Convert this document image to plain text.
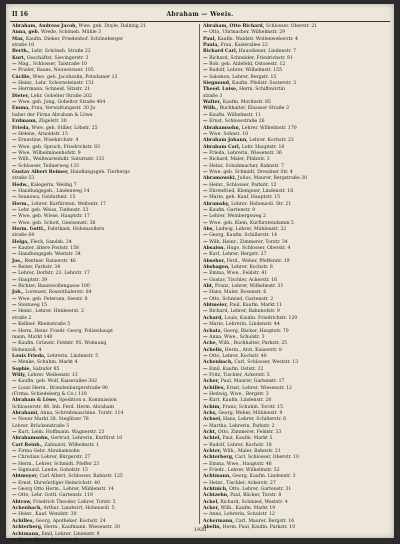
II 16	Abraham — Weeis.
Abraham, Andreas Jacob, Wwe. geb. Duyle, Dalitzig 21
Anna, geb. Wrede, Schöneb. Mühle 3
Max, Kaufm. Dieker, Friedenhof, Schöneberger
straße 10
Berth., Lehr. Schöneb. Straße 22
Kurt, Geschäftst. Sievingerstr. 3
— Mag., Schlosser, Talstraße 10
— Pruder, Baues, Neuweiswer. 105
Cäcilie, Wwe. geb. Jacobsohn, Potsdamer 13
— Heinr., Lehr. Schornsteinstr. 151
— Herrmann, Schneid. Sitzstr. 21
Dieter, Lehr. Gobelter Straße 202
— Wwe. geb. Jung, Gobeltor Straße 404
Emma, Frau, Verwaltungsstr. 30 Ju
haber der Firma Abraham & Löwe
Erdmann, Zügelstr. 30
Frieda, Wwe. geb. Stiller, Löbstr. 25
— Helene, Arnoldstr. 15
— Ernestine, Wisekirchstr. 4
— Wwe. geb. Spruch, Friedrichstr. 83
— Wwe. Wilhelminenhofstr. 9
— Wilh., Weißwarenhdlr. Saturnstr. 131
— Schlosser, Teilnerweg 133
Gustav Albert Reimer, Handlungsgeh. Tierbergs
straße 53
Hedw., Kalegerin, Weißig 7
— Handlungsgeh., Lindenweg 14
— Iwanowa, Goldarbeit. 15
Herm., Lehrer. Kurfürsten. Weltentr. 17
— Lehr. geb. Weiss, Tiefenstr. 33
— Wwe. geb. Wiese, Hauptstr. 17
— Wwe. geb. Schott, Gneisenstr. 36
Herm. Gottl., Fabrikant, Hohenzollern
straße 64
Helga, Fleck, Sandsb. 24
— Kauter, ältere Poststr. 158
— Handlungsgeh. Weststr. 34
Jos., Rentner. Ratserstr. 46
— Reiter, Parkstr. 34
— Lehrer, Dorfstr. 23. Lehrstr. 17
— Hauptstr. 39
— Richter, Baumwollengasse 100
Joh., Lorenzer, Rosenthalerstr. 84
— Wwe. geb. Petersen, Seestr. 8
— Steinweg 15
— Heinr., Lehrer. Himbeerst. 2
straße 2
— Kellner. Rheinstraße 5
— Herm. Heinr. Friedr. Georg, Polizeihaupt
mann, Markt 140
— Kaufm. Grünstr. Feldstr. 95. Wohnung
Hohenzoll. 4
Louis Frieda, Lehrerin, Lindenstr. 5
— Menke, Schuhm. Markt 4
Sophie, Salzufer 85
Willy, Lehrer. Weibenstr. 13
— Kaufm. geb. Wolf, Kaiserallee 302
— Louis Herm., Brandenburgerstraße 90
(Firma: Schiedeberg & Co.) 118
Abraham & Löwe, Spedition u. Kommission
Schlosserstr. 86. Inh. Ferd. Herm. Abraham
Abrahami, Anna, Schreibmaschine. Torstr. 114
— Neuer Markt 28. Steglitzer 76
Lehrer. Brückenstraße 5
— Kurt, Leim. Hoffmann. Wagnerstr. 23
Abrahamsohn, Gertrud, Lehrerin, Kurfürst 10
Carl Reinh., Zahnarzt, Wilhelmstr. 1
— Firma Gebr. Abrahamsohn
— Christian Lehrer, Bürgerstr. 27
— Herm., Lehrer, Schmidt. Pfeffer 23
— Sigmund, Landw. Gobelstr. 15
Abtmeyer, Carl Albert, Schlosser, Bahnstr. 125
— Ernst, Ehrwürdiger Heinrichstr. 40
— Georg Otto Herm., Lehrer, Mühlenstr. 14
— Otto, Lehr. Gottl. Gartenstr. 119
Abtrow, Friedrich Theodor, Lehrer, Torstr. 5
Achenbach, Arthur, Landwirt, Hohenzoll. 5
— Heinr., Kauf. Wendstr. 30
Achilles, Georg, Apotheker. Kochstr. 24
Achterberg, Herm., Kaufmann. Wiesenstr. 30
Achtmann, Emil, Lehrer. Linienstr. 9
— Herm. Heinr., Linienstr. 9
Abraham, Otto Richard, Schlosser. Oberstr. 21
— Otto, Uhrmacher. Wilhelmstr. 29
Paul, Kaufm. Waldstr. Wollenweberstr. 4
Paula, Frau, Kaiserallee 23
Richard Carl, Hausdiener, Lindenstr. 7
— Richard, Schneider, Friedrichstr. 91
— Rob. geb. Ahlefeld, Ostseestr. 12
— Rudolf, Lehrer, Wilhelmstr. 155
— Salomon, Lehrer, Bergstr. 15
Siegmund, Kaufm. Pfeilstr. Sosterstr. 3
Theod. Luise, Herm. Schiffswirtin
straße 3
Walter, Kaufm. Moritzstr. 85
Wilh., Buchhalter, Elsasser Straße 3
— Kaufm. Wilhelmstr. 11
— Ernst, Schlossstraße 26
Abrahamsohn, Lehrer. Wilhelmstr. 170
— Wwe. Sohnst. 10
Abraham Johann, Lehrer. Kochstr. 23
Abraham Carl, Lehr. Hauptstr. 18
— Frieda, Lehrerin, Wiesenstr. 36
— Richard, Maler, Pfalzstr. 3
— Heinz, Schuhmacher, Bahnstr. 7
— Wwe. geb. Schmidt, Dresdner Str. 4
Abramowski, Julius, Maurer, Bergstraße 30
— Heinr., Schlosser, Parkstr. 12
— Ehrenfried, Klempner, Lindenstr. 18
— Marie, geb. Kauf, Hauptstr. 15
Abramsky, Lehrer. Hohenzoll. Str. 21
— Kaufm. Gartenstr. 9
— Lehrer, Weinbergsweg 2
— Wwe. geb. Klein, Kurfürstendamm 5
Abs, Ludwig, Lehrer, Mühlenstr. 22
— Georg, Kaufm. Schillerstr. 14
— Wilh. Heinr., Zimmerer, Torstr. 34
Absalon, Hugo, Schlosser, Oberstr. 4
— Kurt, Lehrer, Bergstr. 27
Abseher, Ferd., Weber, Pfefferstr. 19
Abshagen, Lehrer, Kochstr. 8
— Emma, Wwe., Feldstr. 41
— Gustav, Tischler, Ackerstr. 16
Abt, Franz, Lehrer, Wilhelmstr. 31
— Hans, Maler, Rosenstr. 6
— Otto, Schmied, Gartenstr. 2
Abtmeier, Paul, Kaufm. Markt 11
— Richard, Lehrer, Bahnhofstr. 9
Achard, Louis, Kaufm. Friedrichstr. 120
— Marie, Lehrerin, Lindenstr. 44
Achatz, Georg, Bäcker, Hauptstr. 70
— Anna, Wwe., Schulstr. 3
Ache, Wilh., Buchhalter, Parkstr. 25
Achelis, Herm., Arzt, Kaiserstr. 8
— Otto, Lehrer, Kochstr. 40
Achenbach, Carl, Schlosser, Weststr. 13
— Emil, Kaufm. Oststr. 22
— Fritz, Tischler, Ackerstr. 5
Acher, Paul, Maurer, Gartenstr. 17
Achilles, Ernst, Lehrer, Wiesenstr. 12
— Hedwig, Wwe., Bergstr. 3
— Kurt, Kaufm. Lindenstr. 28
Achim, Franz, Schuhm. Torstr. 15
Achs, Georg, Weber, Mühlenstr. 9
Achsel, Hans, Lehrer, Schillerstr. 6
— Martha, Lehrerin, Parkstr. 2
Acht, Otto, Zimmerer, Feldstr. 33
Achtel, Paul, Kaufm. Markt 5
— Rudolf, Lehrer, Kochstr. 18
Achter, Wilh., Maler, Bahnstr. 21
Achterberg, Carl, Schlosser, Oberstr. 10
— Emma, Wwe., Hauptstr. 46
— Friedr., Lehrer, Wilhelmstr. 52
Achtmann, Georg, Kaufm. Lindenstr. 3
— Heinr., Tischler, Ackerstr. 27
Achtnich, Otto, Lehrer, Gartenstr. 31
Achtzehn, Paul, Bäcker, Torstr. 8
Ackel, Richard, Schmied, Weststr. 4
Acker, Wilh., Kaufm. Markt 19
— Anna, Lehrerin, Schulstr. 12
Ackermann, Carl, Maurer, Bergstr. 16
Abelin, Herm. Paul, Kaufm. Parkstr. 10
1920
